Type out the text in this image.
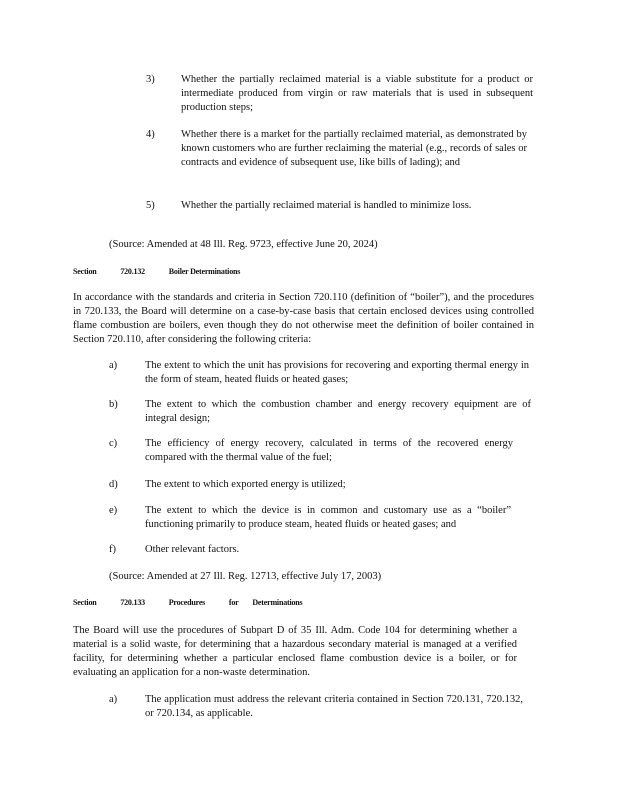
3)	Whether the partially reclaimed material is a viable substitute for a product or intermediate produced from virgin or raw materials that is used in subsequent production steps;
4)	Whether there is a market for the partially reclaimed material, as demonstrated by known customers who are further reclaiming the material (e.g., records of sales or contracts and evidence of subsequent use, like bills of lading); and
5)	Whether the partially reclaimed material is handled to minimize loss.
(Source: Amended at 48 Ill. Reg. 9723, effective June 20, 2024)
Section	720.132	Boiler Determinations
In accordance with the standards and criteria in Section 720.110 (definition of “boiler”), and the procedures in 720.133, the Board will determine on a case-by-case basis that certain enclosed devices using controlled flame combustion are boilers, even though they do not otherwise meet the definition of boiler contained in Section 720.110, after considering the following criteria:
a)	The extent to which the unit has provisions for recovering and exporting thermal energy in the form of steam, heated fluids or heated gases;
b)	The extent to which the combustion chamber and energy recovery equipment are of integral design;
c)	The efficiency of energy recovery, calculated in terms of the recovered energy compared with the thermal value of the fuel;
d)	The extent to which exported energy is utilized;
e)	The extent to which the device is in common and customary use as a “boiler” functioning primarily to produce steam, heated fluids or heated gases; and
f)	Other relevant factors.
(Source: Amended at 27 Ill. Reg. 12713, effective July 17, 2003)
Section	720.133	Procedures	for Determinations
The Board will use the procedures of Subpart D of 35 Ill. Adm. Code 104 for determining whether a material is a solid waste, for determining that a hazardous secondary material is managed at a verified facility, for determining whether a particular enclosed flame combustion device is a boiler, or for evaluating an application for a non-waste determination.
a)	The application must address the relevant criteria contained in Section 720.131, 720.132, or 720.134, as applicable.
